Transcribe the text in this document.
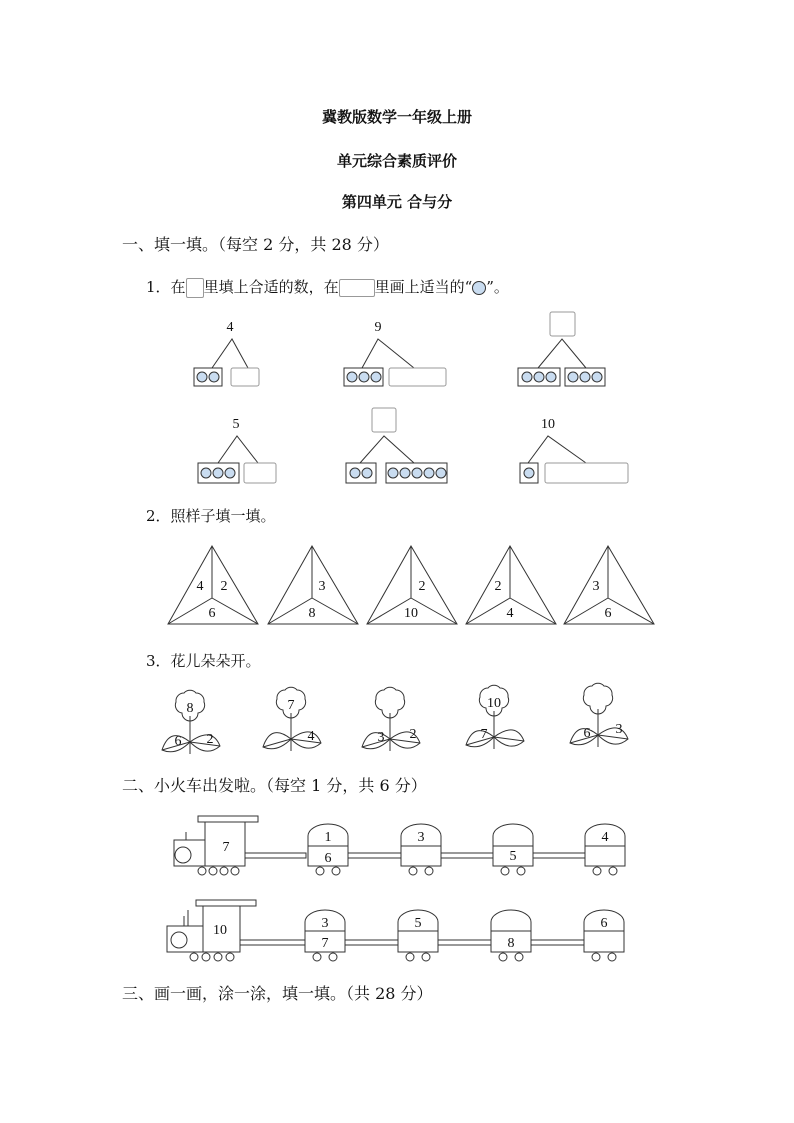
冀教版数学一年级上册
单元综合素质评价
第四单元 合与分
一、填一填。（每空 2 分，共 28 分）
1．在 里填上合适的数，在 里画上适当的“ ”。
4	9
5	10
2．照样子填一填。
4 2
6
3
8
2
10
2
4
3
6
3．花儿朵朵开。
8
6 2
7
4	3 2
10
7	6 3
二、小火车出发啦。（每空 1 分，共 6 分）
7
1
6
3
5
4
10	3
7
5
8
6
三、画一画，涂一涂，填一填。（共 28 分）
